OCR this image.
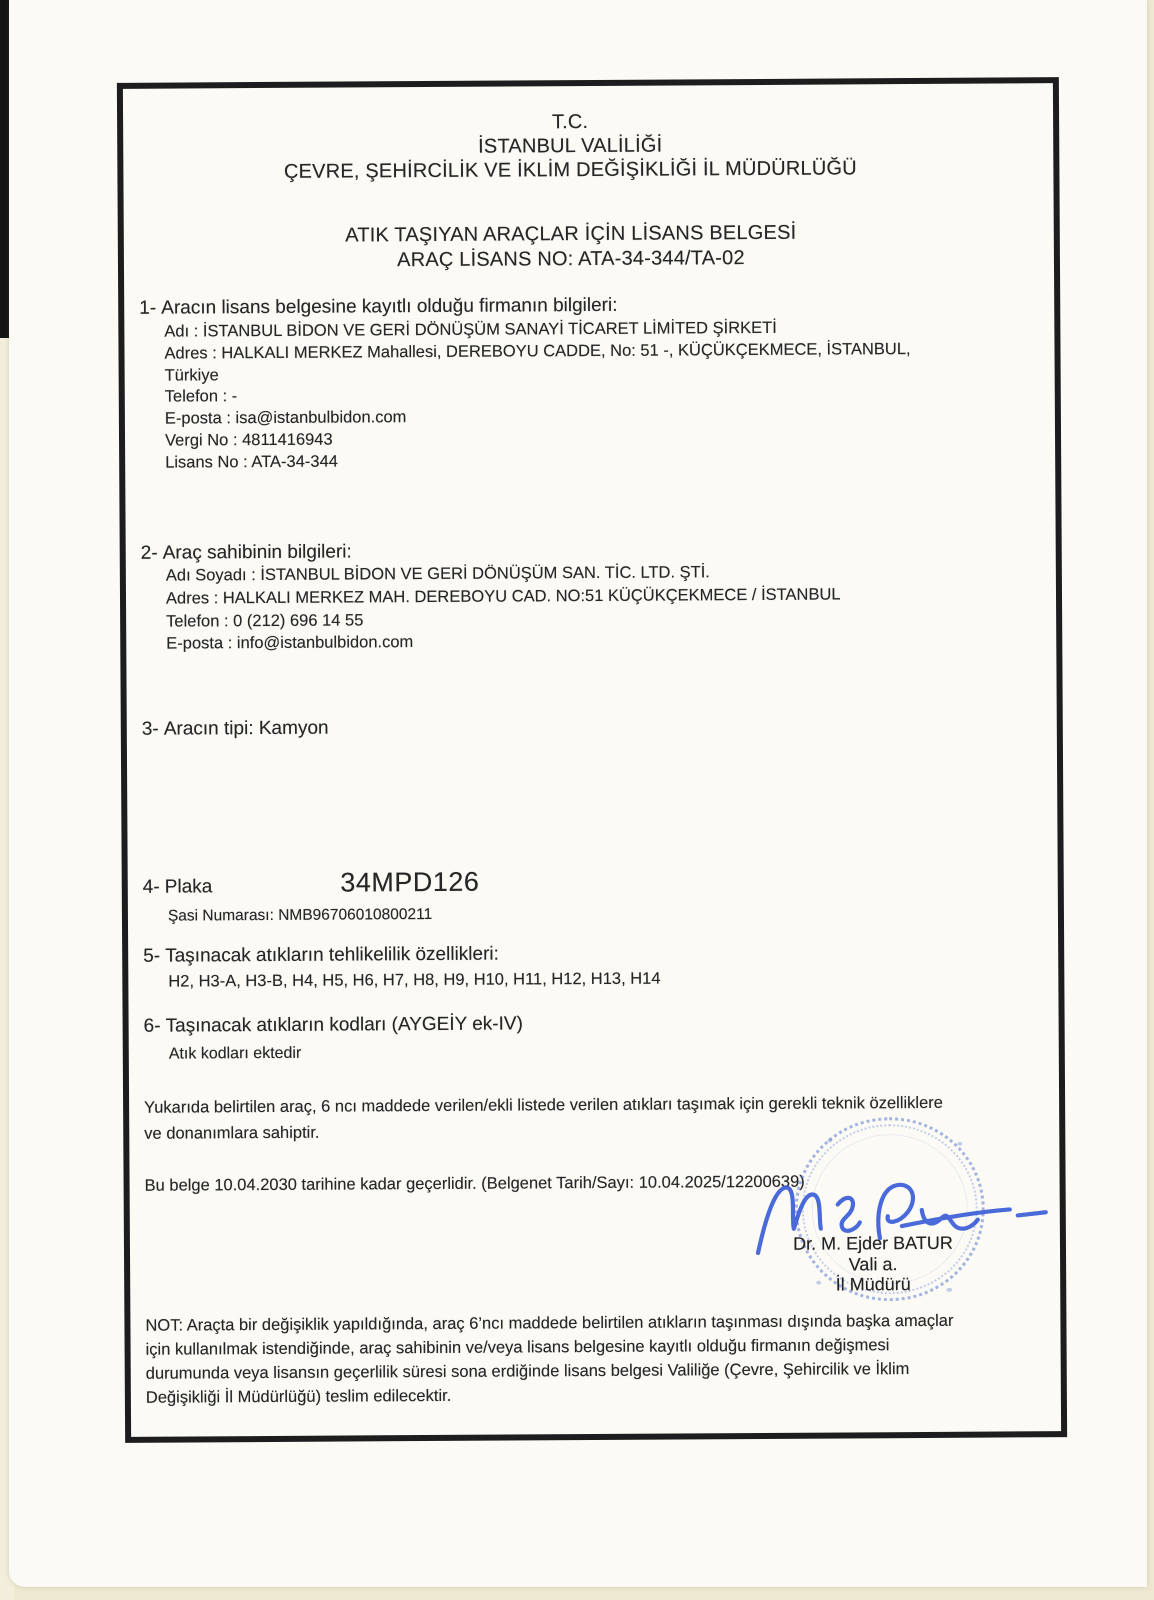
T.C.
İSTANBUL VALİLİĞİ
ÇEVRE, ŞEHİRCİLİK VE İKLİM DEĞİŞİKLİĞİ İL MÜDÜRLÜĞÜ
ATIK TAŞIYAN ARAÇLAR İÇİN LİSANS BELGESİ
ARAÇ LİSANS NO: ATA-34-344/TA-02
1- Aracın lisans belgesine kayıtlı olduğu firmanın bilgileri:
Adı : İSTANBUL BİDON VE GERİ DÖNÜŞÜM SANAYİ TİCARET LİMİTED ŞİRKETİ
Adres : HALKALI MERKEZ Mahallesi, DEREBOYU CADDE, No: 51 -, KÜÇÜKÇEKMECE, İSTANBUL,
Türkiye
Telefon : -
E-posta : isa@istanbulbidon.com
Vergi No : 4811416943
Lisans No : ATA-34-344
2- Araç sahibinin bilgileri:
Adı Soyadı : İSTANBUL BİDON VE GERİ DÖNÜŞÜM SAN. TİC. LTD. ŞTİ.
Adres : HALKALI MERKEZ MAH. DEREBOYU CAD. NO:51 KÜÇÜKÇEKMECE / İSTANBUL
Telefon : 0 (212) 696 14 55
E-posta : info@istanbulbidon.com
3- Aracın tipi: Kamyon
4- Plaka	34MPD126
Şasi Numarası: NMB96706010800211
5- Taşınacak atıkların tehlikelilik özellikleri:
H2, H3-A, H3-B, H4, H5, H6, H7, H8, H9, H10, H11, H12, H13, H14
6- Taşınacak atıkların kodları (AYGEİY ek-IV)
Atık kodları ektedir
Yukarıda belirtilen araç, 6 ncı maddede verilen/ekli listede verilen atıkları taşımak için gerekli teknik özelliklere
ve donanımlara sahiptir.
Bu belge 10.04.2030 tarihine kadar geçerlidir. (Belgenet Tarih/Sayı: 10.04.2025/12200639)
Dr. M. Ejder BATUR
Vali a.
İl Müdürü
NOT: Araçta bir değişiklik yapıldığında, araç 6’ncı maddede belirtilen atıkların taşınması dışında başka amaçlar
için kullanılmak istendiğinde, araç sahibinin ve/veya lisans belgesine kayıtlı olduğu firmanın değişmesi
durumunda veya lisansın geçerlilik süresi sona erdiğinde lisans belgesi Valiliğe (Çevre, Şehircilik ve İklim
Değişikliği İl Müdürlüğü) teslim edilecektir.
